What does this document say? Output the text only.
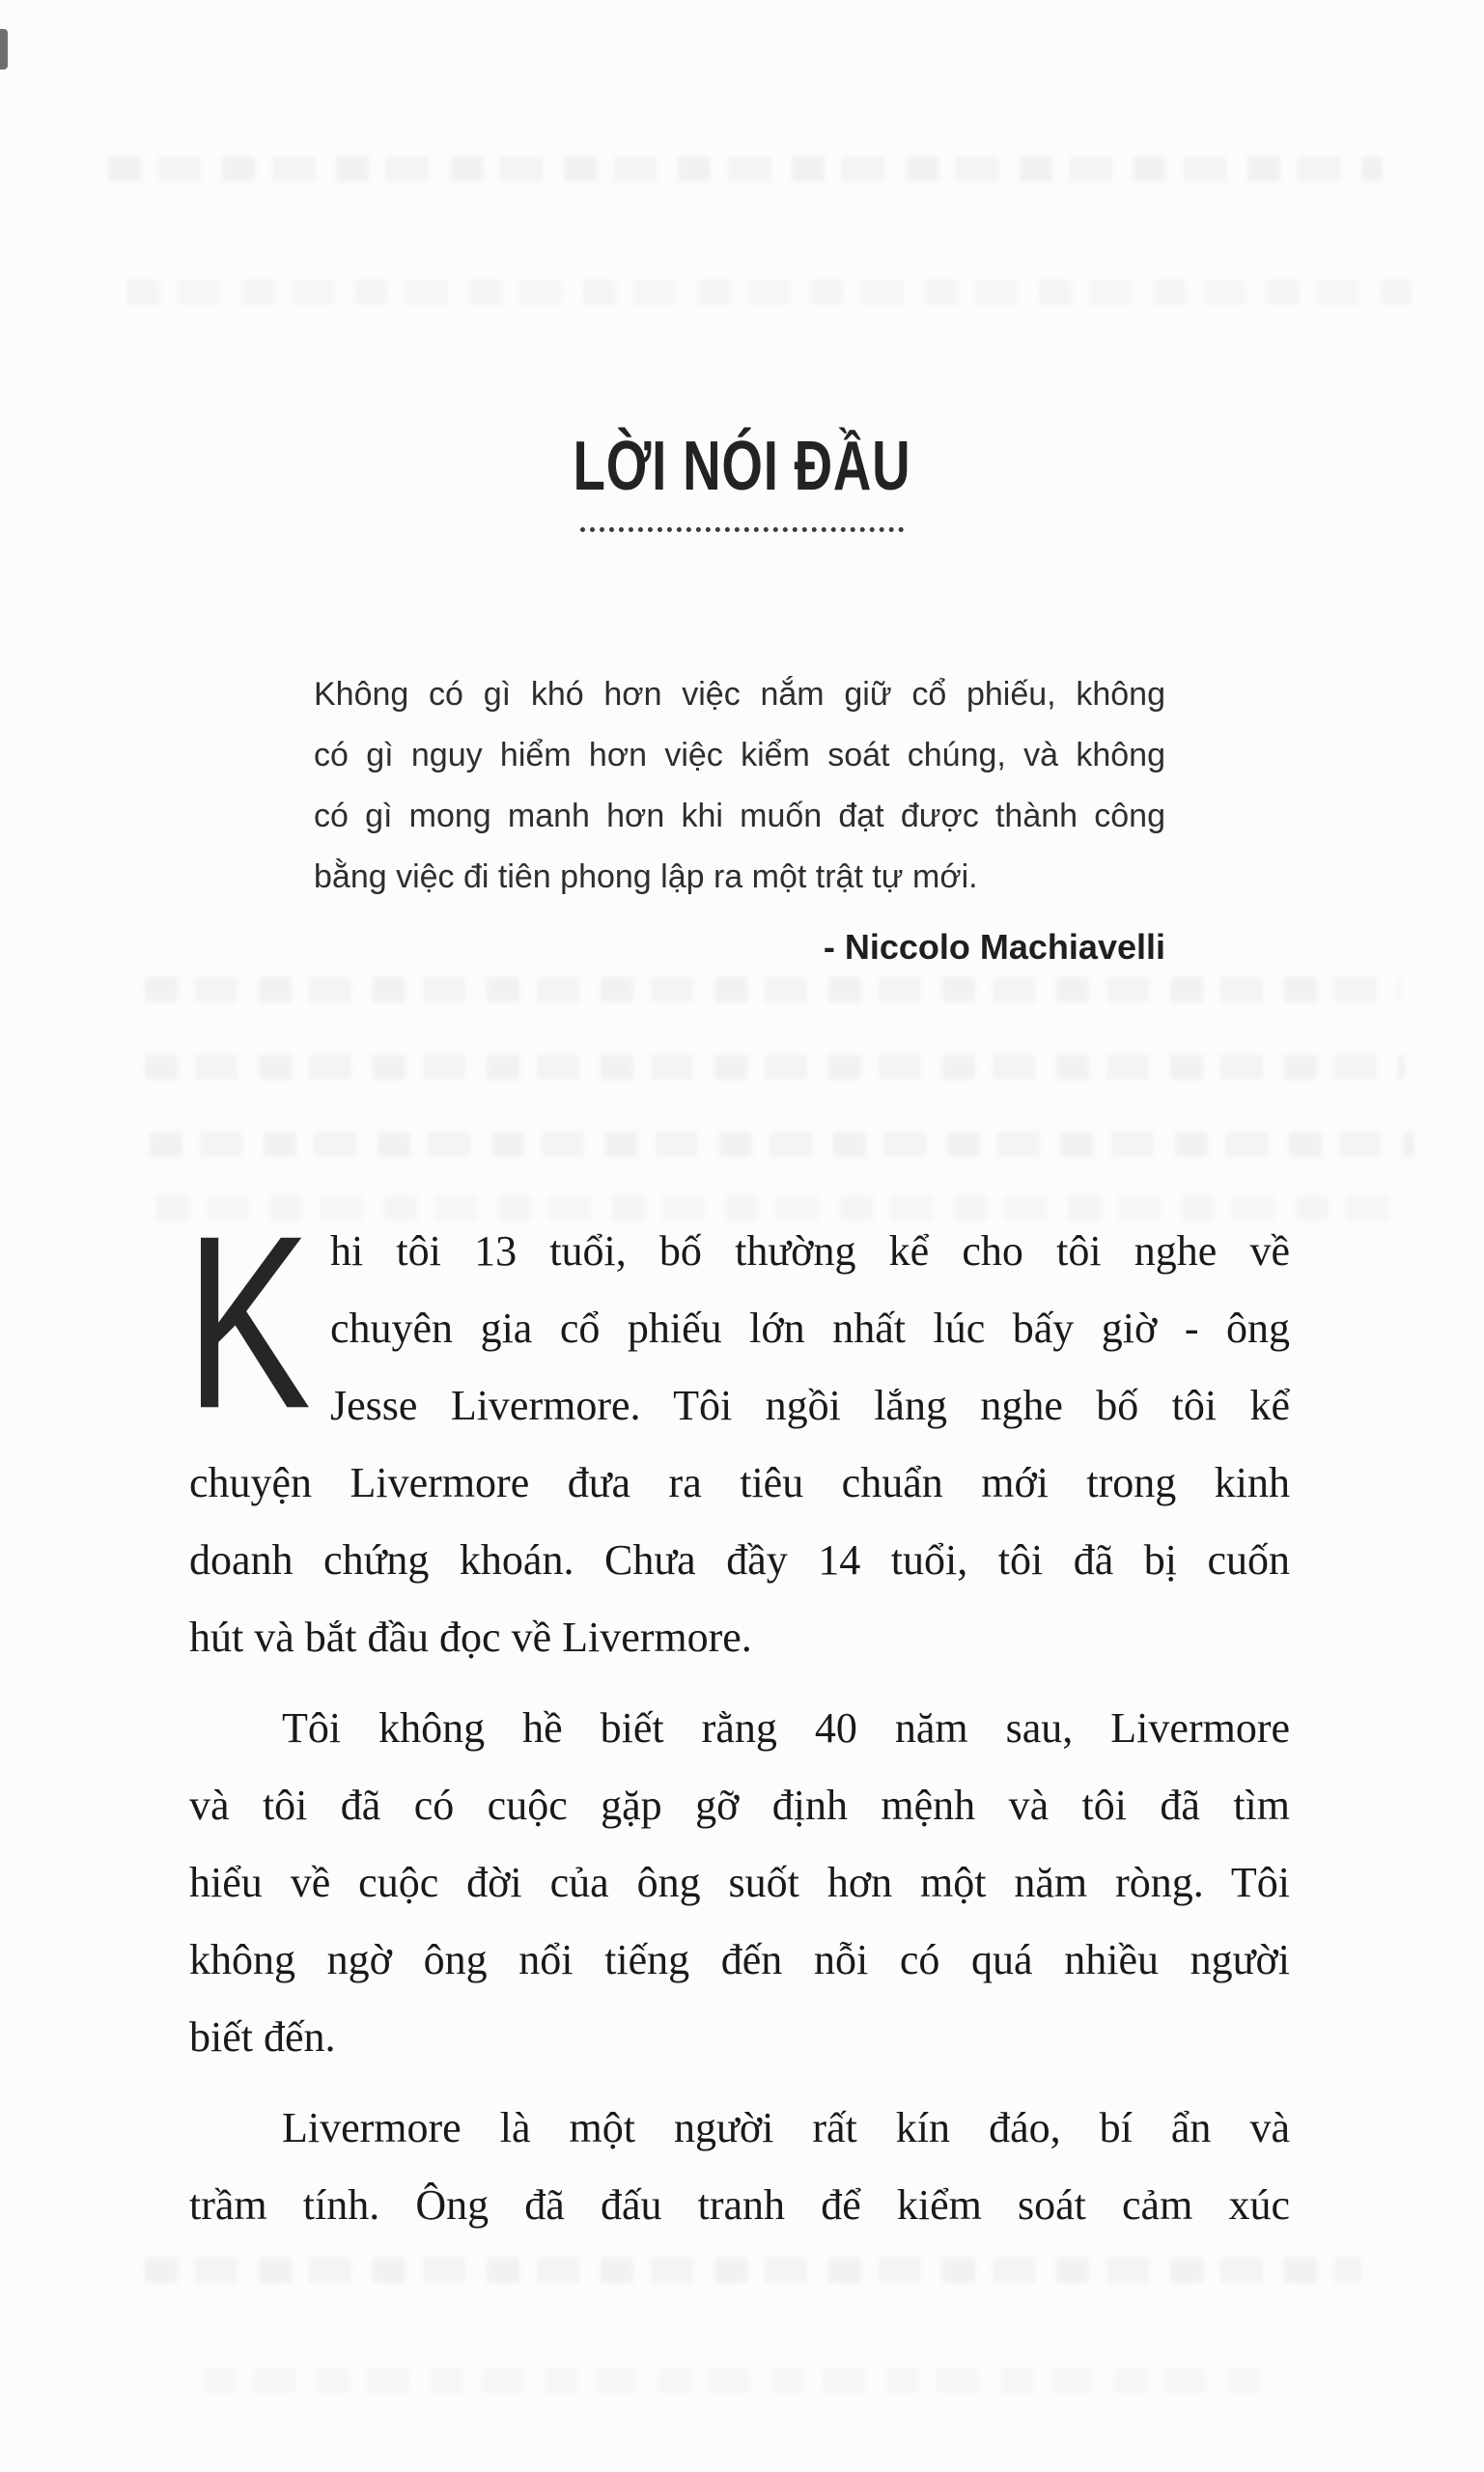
LỜI NÓI ĐẦU
Không có gì khó hơn việc nắm giữ cổ phiếu, không
có gì nguy hiểm hơn việc kiểm soát chúng, và không
có gì mong manh hơn khi muốn đạt được thành công
bằng việc đi tiên phong lập ra một trật tự mới.
- Niccolo Machiavelli
K hi tôi 13 tuổi, bố thường kể cho tôi nghe về
chuyên gia cổ phiếu lớn nhất lúc bấy giờ - ông
Jesse Livermore. Tôi ngồi lắng nghe bố tôi kể
chuyện Livermore đưa ra tiêu chuẩn mới trong kinh
doanh chứng khoán. Chưa đầy 14 tuổi, tôi đã bị cuốn
hút và bắt đầu đọc về Livermore.
Tôi không hề biết rằng 40 năm sau, Livermore
và tôi đã có cuộc gặp gỡ định mệnh và tôi đã tìm
hiểu về cuộc đời của ông suốt hơn một năm ròng. Tôi
không ngờ ông nổi tiếng đến nỗi có quá nhiều người
biết đến.
Livermore là một người rất kín đáo, bí ẩn và
trầm tính. Ông đã đấu tranh để kiểm soát cảm xúc
